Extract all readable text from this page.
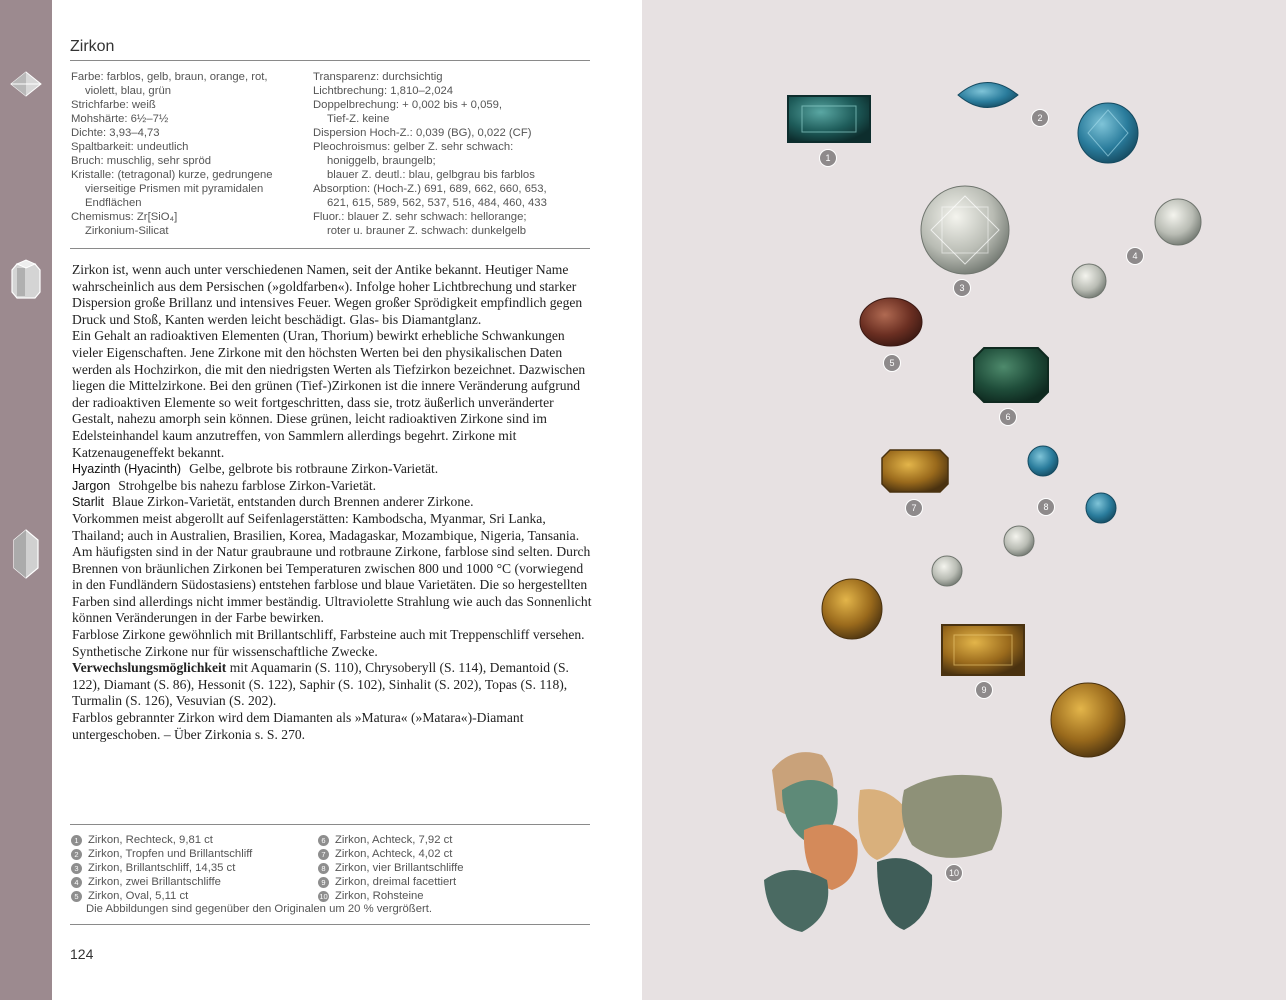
Zirkon
Farbe: farblos, gelb, braun, orange, rot,
violett, blau, grün
Strichfarbe: weiß
Mohshärte: 6½–7½
Dichte: 3,93–4,73
Spaltbarkeit: undeutlich
Bruch: muschlig, sehr spröd
Kristalle: (tetragonal) kurze, gedrungene
vierseitige Prismen mit pyramidalen
Endflächen
Chemismus: Zr[SiO₄]
Zirkonium-Silicat
Transparenz: durchsichtig
Lichtbrechung: 1,810–2,024
Doppelbrechung: + 0,002 bis + 0,059,
Tief-Z. keine
Dispersion Hoch-Z.: 0,039 (BG), 0,022 (CF)
Pleochroismus: gelber Z. sehr schwach:
honiggelb, braungelb;
blauer Z. deutl.: blau, gelbgrau bis farblos
Absorption: (Hoch-Z.) 691, 689, 662, 660, 653,
621, 615, 589, 562, 537, 516, 484, 460, 433
Fluor.: blauer Z. sehr schwach: hellorange;
roter u. brauner Z. schwach: dunkelgelb

Zirkon ist, wenn auch unter verschiedenen Namen, seit der Antike bekannt. Heutiger Name wahrscheinlich aus dem Persischen (»goldfarben«). Infolge hoher Lichtbrechung und starker Dispersion große Brillanz und intensives Feuer. Wegen großer Sprödigkeit empfindlich gegen Druck und Stoß, Kanten werden leicht beschädigt. Glas- bis Diamantglanz.

Ein Gehalt an radioaktiven Elementen (Uran, Thorium) bewirkt erhebliche Schwankungen vieler Eigenschaften. Jene Zirkone mit den höchsten Werten bei den physikalischen Daten werden als Hochzirkon, die mit den niedrigsten Werten als Tiefzirkon bezeichnet. Dazwischen liegen die Mittelzirkone. Bei den grünen (Tief-)Zirkonen ist die innere Veränderung aufgrund der radioaktiven Elemente so weit fortgeschritten, dass sie, trotz äußerlich unveränderter Gestalt, nahezu amorph sein können. Diese grünen, leicht radioaktiven Zirkone sind im Edelsteinhandel kaum anzutreffen, von Sammlern allerdings begehrt. Zirkone mit Katzenaugeneffekt bekannt.

Hyazinth (Hyacinth) Gelbe, gelbrote bis rotbraune Zirkon-Varietät.

Jargon Strohgelbe bis nahezu farblose Zirkon-Varietät.

Starlit Blaue Zirkon-Varietät, entstanden durch Brennen anderer Zirkone.

Vorkommen meist abgerollt auf Seifenlagerstätten: Kambodscha, Myanmar, Sri Lanka, Thailand; auch in Australien, Brasilien, Korea, Madagaskar, Mozambique, Nigeria, Tansania.

Am häufigsten sind in der Natur graubraune und rotbraune Zirkone, farblose sind selten. Durch Brennen von bräunlichen Zirkonen bei Temperaturen zwischen 800 und 1000 °C (vorwiegend in den Fundländern Südostasiens) entstehen farblose und blaue Varietäten. Die so hergestellten Farben sind allerdings nicht immer beständig. Ultraviolette Strahlung wie auch das Sonnenlicht können Veränderungen in der Farbe bewirken.

Farblose Zirkone gewöhnlich mit Brillantschliff, Farbsteine auch mit Treppenschliff versehen. Synthetische Zirkone nur für wissenschaftliche Zwecke.

Verwechslungsmöglichkeit mit Aquamarin (S. 110), Chrysoberyll (S. 114), Demantoid (S. 122), Diamant (S. 86), Hessonit (S. 122), Saphir (S. 102), Sinhalit (S. 202), Topas (S. 118), Turmalin (S. 126), Vesuvian (S. 202).

Farblos gebrannter Zirkon wird dem Diamanten als »Matura« (»Matara«)-Diamant untergeschoben. – Über Zirkonia s. S. 270.

1 Zirkon, Rechteck, 9,81 ct
2 Zirkon, Tropfen und Brillantschliff
3 Zirkon, Brillantschliff, 14,35 ct
4 Zirkon, zwei Brillantschliffe
5 Zirkon, Oval, 5,11 ct
6 Zirkon, Achteck, 7,92 ct
7 Zirkon, Achteck, 4,02 ct
8 Zirkon, vier Brillantschliffe
9 Zirkon, dreimal facettiert
10 Zirkon, Rohsteine
Die Abbildungen sind gegenüber den Originalen um 20 % vergrößert.
124
1
2
3
4
5
6
7	8
9
10
